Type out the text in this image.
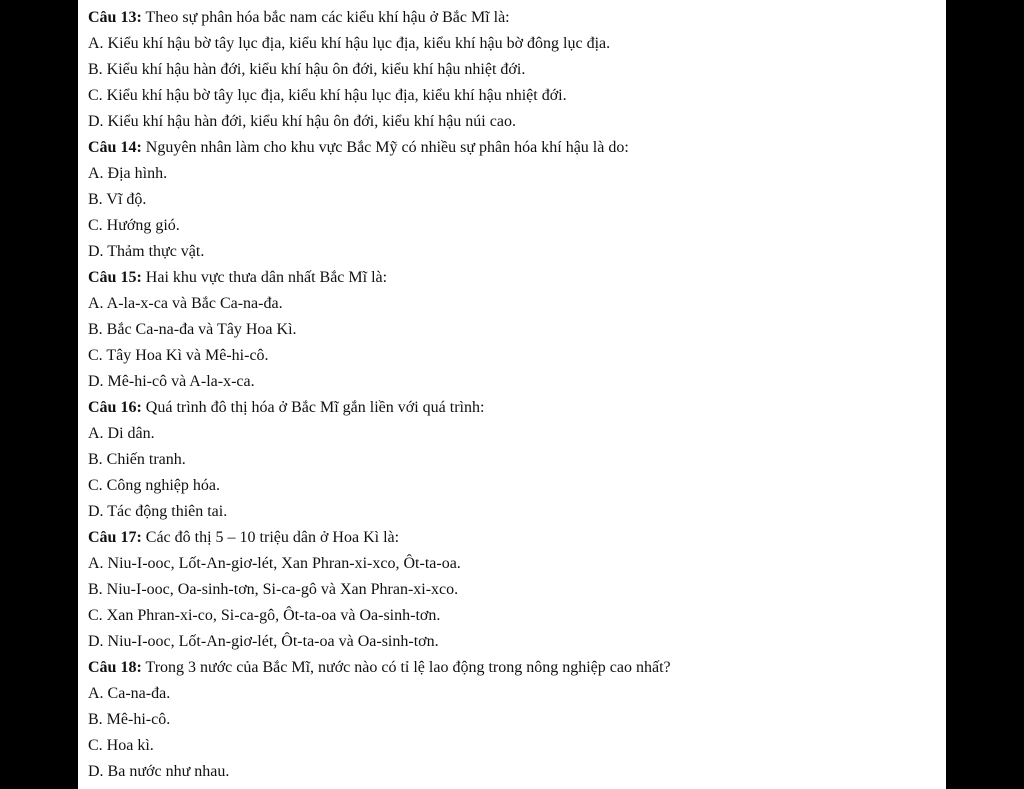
Câu 13: Theo sự phân hóa bắc nam các kiểu khí hậu ở Bắc Mĩ là:
A. Kiểu khí hậu bờ tây lục địa, kiểu khí hậu lục địa, kiểu khí hậu bờ đông lục địa.
B. Kiểu khí hậu hàn đới, kiểu khí hậu ôn đới, kiểu khí hậu nhiệt đới.
C. Kiểu khí hậu bờ tây lục địa, kiểu khí hậu lục địa, kiểu khí hậu nhiệt đới.
D. Kiểu khí hậu hàn đới, kiểu khí hậu ôn đới, kiểu khí hậu núi cao.
Câu 14: Nguyên nhân làm cho khu vực Bắc Mỹ có nhiều sự phân hóa khí hậu là do:
A. Địa hình.
B. Vĩ độ.
C. Hướng gió.
D. Thảm thực vật.
Câu 15: Hai khu vực thưa dân nhất Bắc Mĩ là:
A. A-la-x-ca và Bắc Ca-na-đa.
B. Bắc Ca-na-đa và Tây Hoa Kì.
C. Tây Hoa Kì và Mê-hi-cô.
D. Mê-hi-cô và A-la-x-ca.
Câu 16: Quá trình đô thị hóa ở Bắc Mĩ gắn liền với quá trình:
A. Di dân.
B. Chiến tranh.
C. Công nghiệp hóa.
D. Tác động thiên tai.
Câu 17: Các đô thị 5 – 10 triệu dân ở Hoa Kì là:
A. Niu-I-ooc, Lốt-An-giơ-lét, Xan Phran-xi-xco, Ôt-ta-oa.
B. Niu-I-ooc, Oa-sinh-tơn, Si-ca-gô và Xan Phran-xi-xco.
C. Xan Phran-xi-co, Si-ca-gô, Ôt-ta-oa và Oa-sinh-tơn.
D. Niu-I-ooc, Lốt-An-giơ-lét, Ôt-ta-oa và Oa-sinh-tơn.
Câu 18: Trong 3 nước của Bắc Mĩ, nước nào có tỉ lệ lao động trong nông nghiệp cao nhất?
A. Ca-na-đa.
B. Mê-hi-cô.
C. Hoa kì.
D. Ba nước như nhau.
